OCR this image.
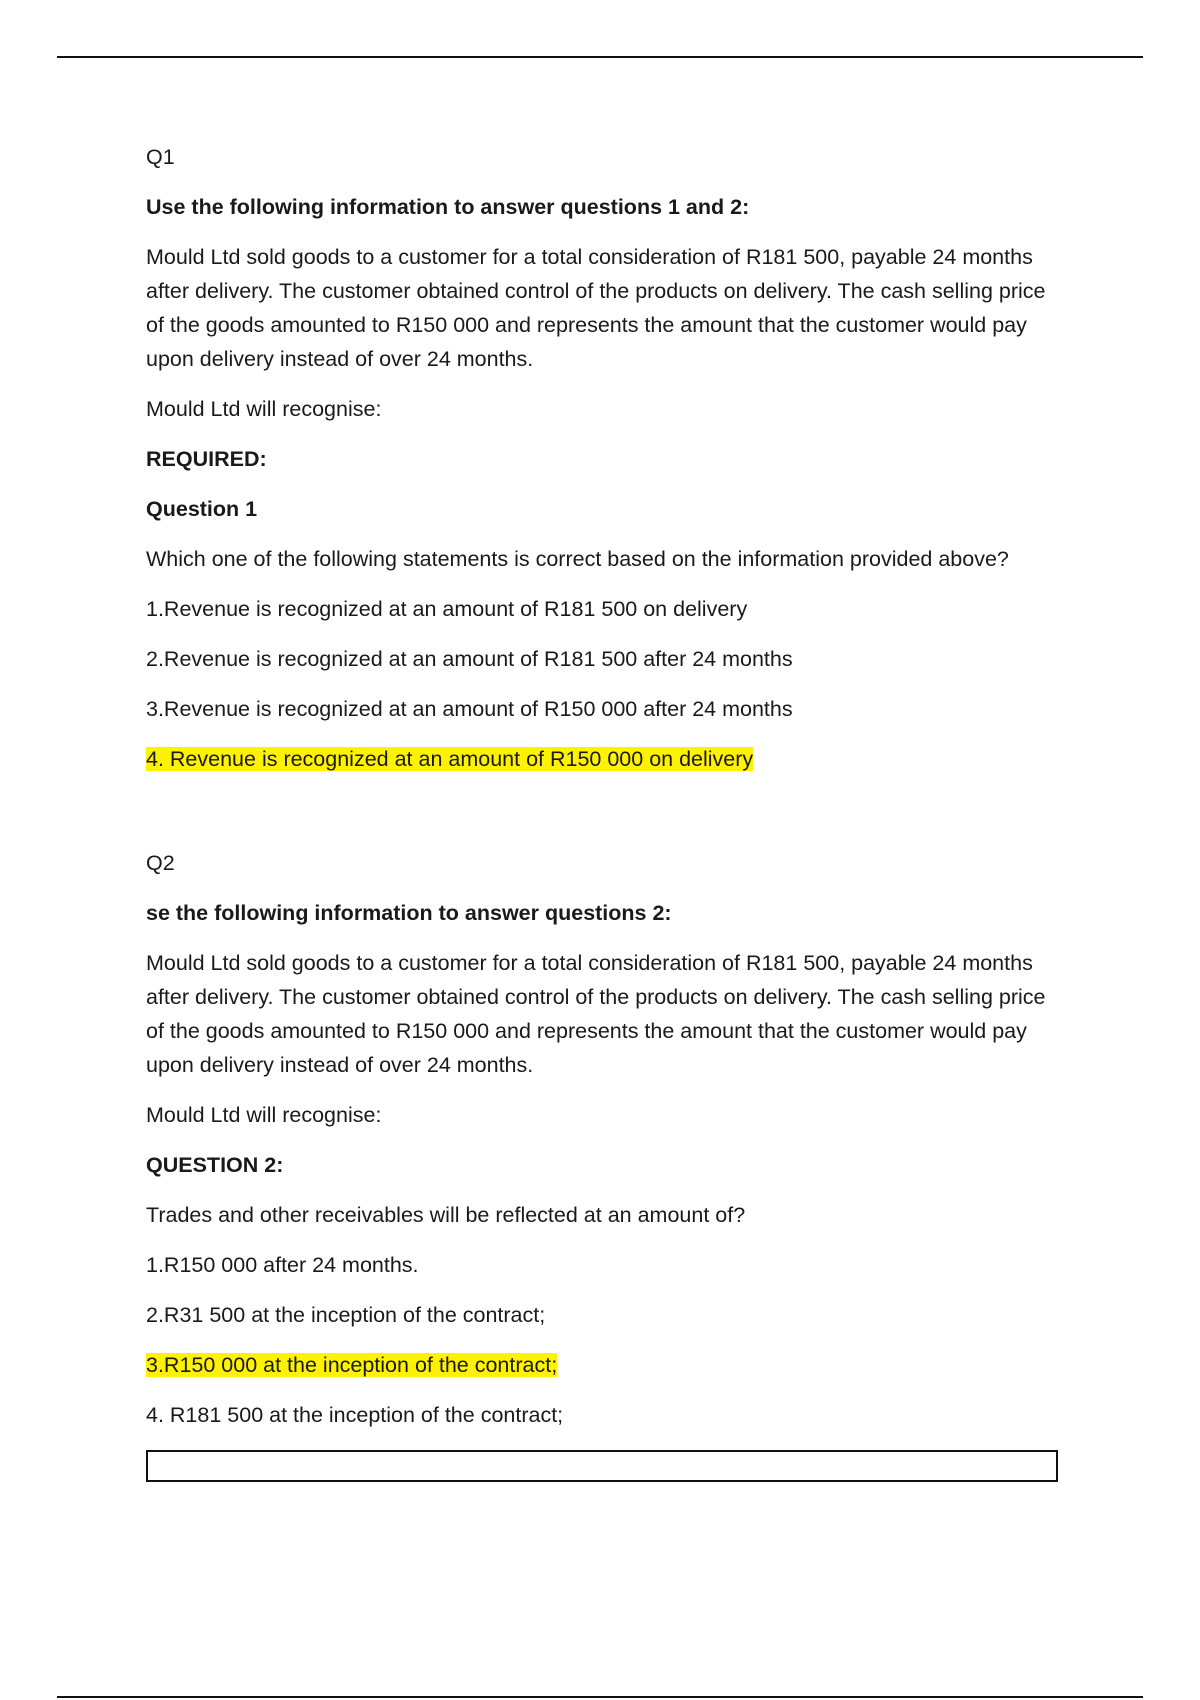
Q1

Use the following information to answer questions 1 and 2:

Mould Ltd sold goods to a customer for a total consideration of R181 500, payable 24 months after delivery. The customer obtained control of the products on delivery. The cash selling price of the goods amounted to R150 000 and represents the amount that the customer would pay upon delivery instead of over 24 months.

Mould Ltd will recognise:

REQUIRED:

Question 1

Which one of the following statements is correct based on the information provided above?

1.Revenue is recognized at an amount of R181 500 on delivery

2.Revenue is recognized at an amount of R181 500 after 24 months

3.Revenue is recognized at an amount of R150 000 after 24 months

4. Revenue is recognized at an amount of R150 000 on delivery

Q2

se the following information to answer questions 2:

Mould Ltd sold goods to a customer for a total consideration of R181 500, payable 24 months after delivery. The customer obtained control of the products on delivery. The cash selling price of the goods amounted to R150 000 and represents the amount that the customer would pay upon delivery instead of over 24 months.

Mould Ltd will recognise:

QUESTION 2:

Trades and other receivables will be reflected at an amount of?

1.R150 000 after 24 months.

2.R31 500 at the inception of the contract;

3.R150 000 at the inception of the contract;

4. R181 500 at the inception of the contract;
